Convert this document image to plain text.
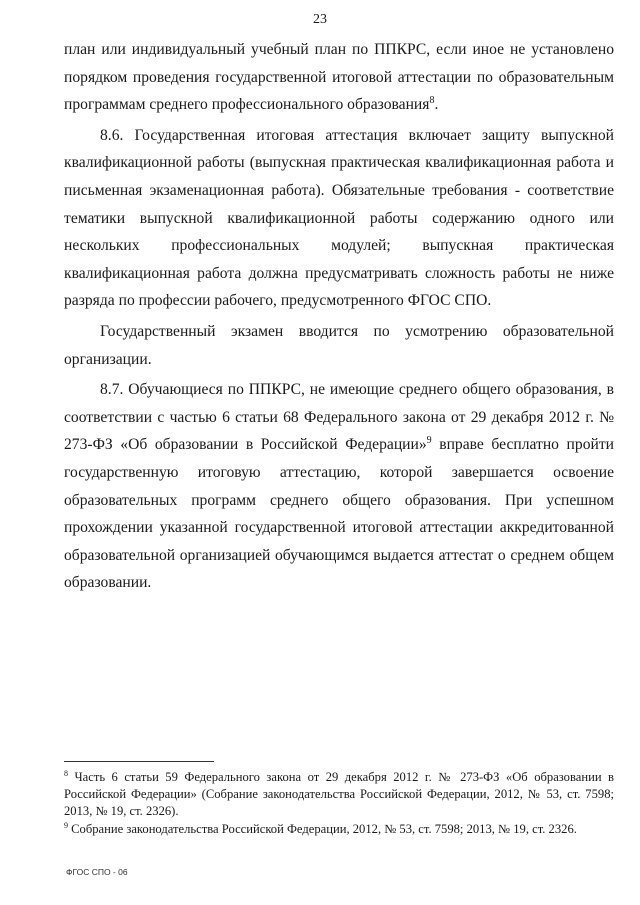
23

план или индивидуальный учебный план по ППКРС, если иное не установлено порядком проведения государственной итоговой аттестации по образовательным программам среднего профессионального образования$^8$.

8.6. Государственная итоговая аттестация включает защиту выпускной квалификационной работы (выпускная практическая квалификационная работа и письменная экзаменационная работа). Обязательные требования - соответствие тематики выпускной квалификационной работы содержанию одного или нескольких профессиональных модулей; выпускная практическая квалификационная работа должна предусматривать сложность работы не ниже разряда по профессии рабочего, предусмотренного ФГОС СПО.

Государственный экзамен вводится по усмотрению образовательной организации.

8.7. Обучающиеся по ППКРС, не имеющие среднего общего образования, в соответствии с частью 6 статьи 68 Федерального закона от 29 декабря 2012 г. № 273-ФЗ «Об образовании в Российской Федерации»$^9$ вправе бесплатно пройти государственную итоговую аттестацию, которой завершается освоение образовательных программ среднего общего образования. При успешном прохождении указанной государственной итоговой аттестации аккредитованной образовательной организацией обучающимся выдается аттестат о среднем общем образовании.

$^8$ Часть 6 статьи 59 Федерального закона от 29 декабря 2012 г. № 273-ФЗ «Об образовании в Российской Федерации» (Собрание законодательства Российской Федерации, 2012, № 53, ст. 7598; 2013, № 19, ст. 2326).

$^9$ Собрание законодательства Российской Федерации, 2012, № 53, ст. 7598; 2013, № 19, ст. 2326.

ФГОС СПО - 06
